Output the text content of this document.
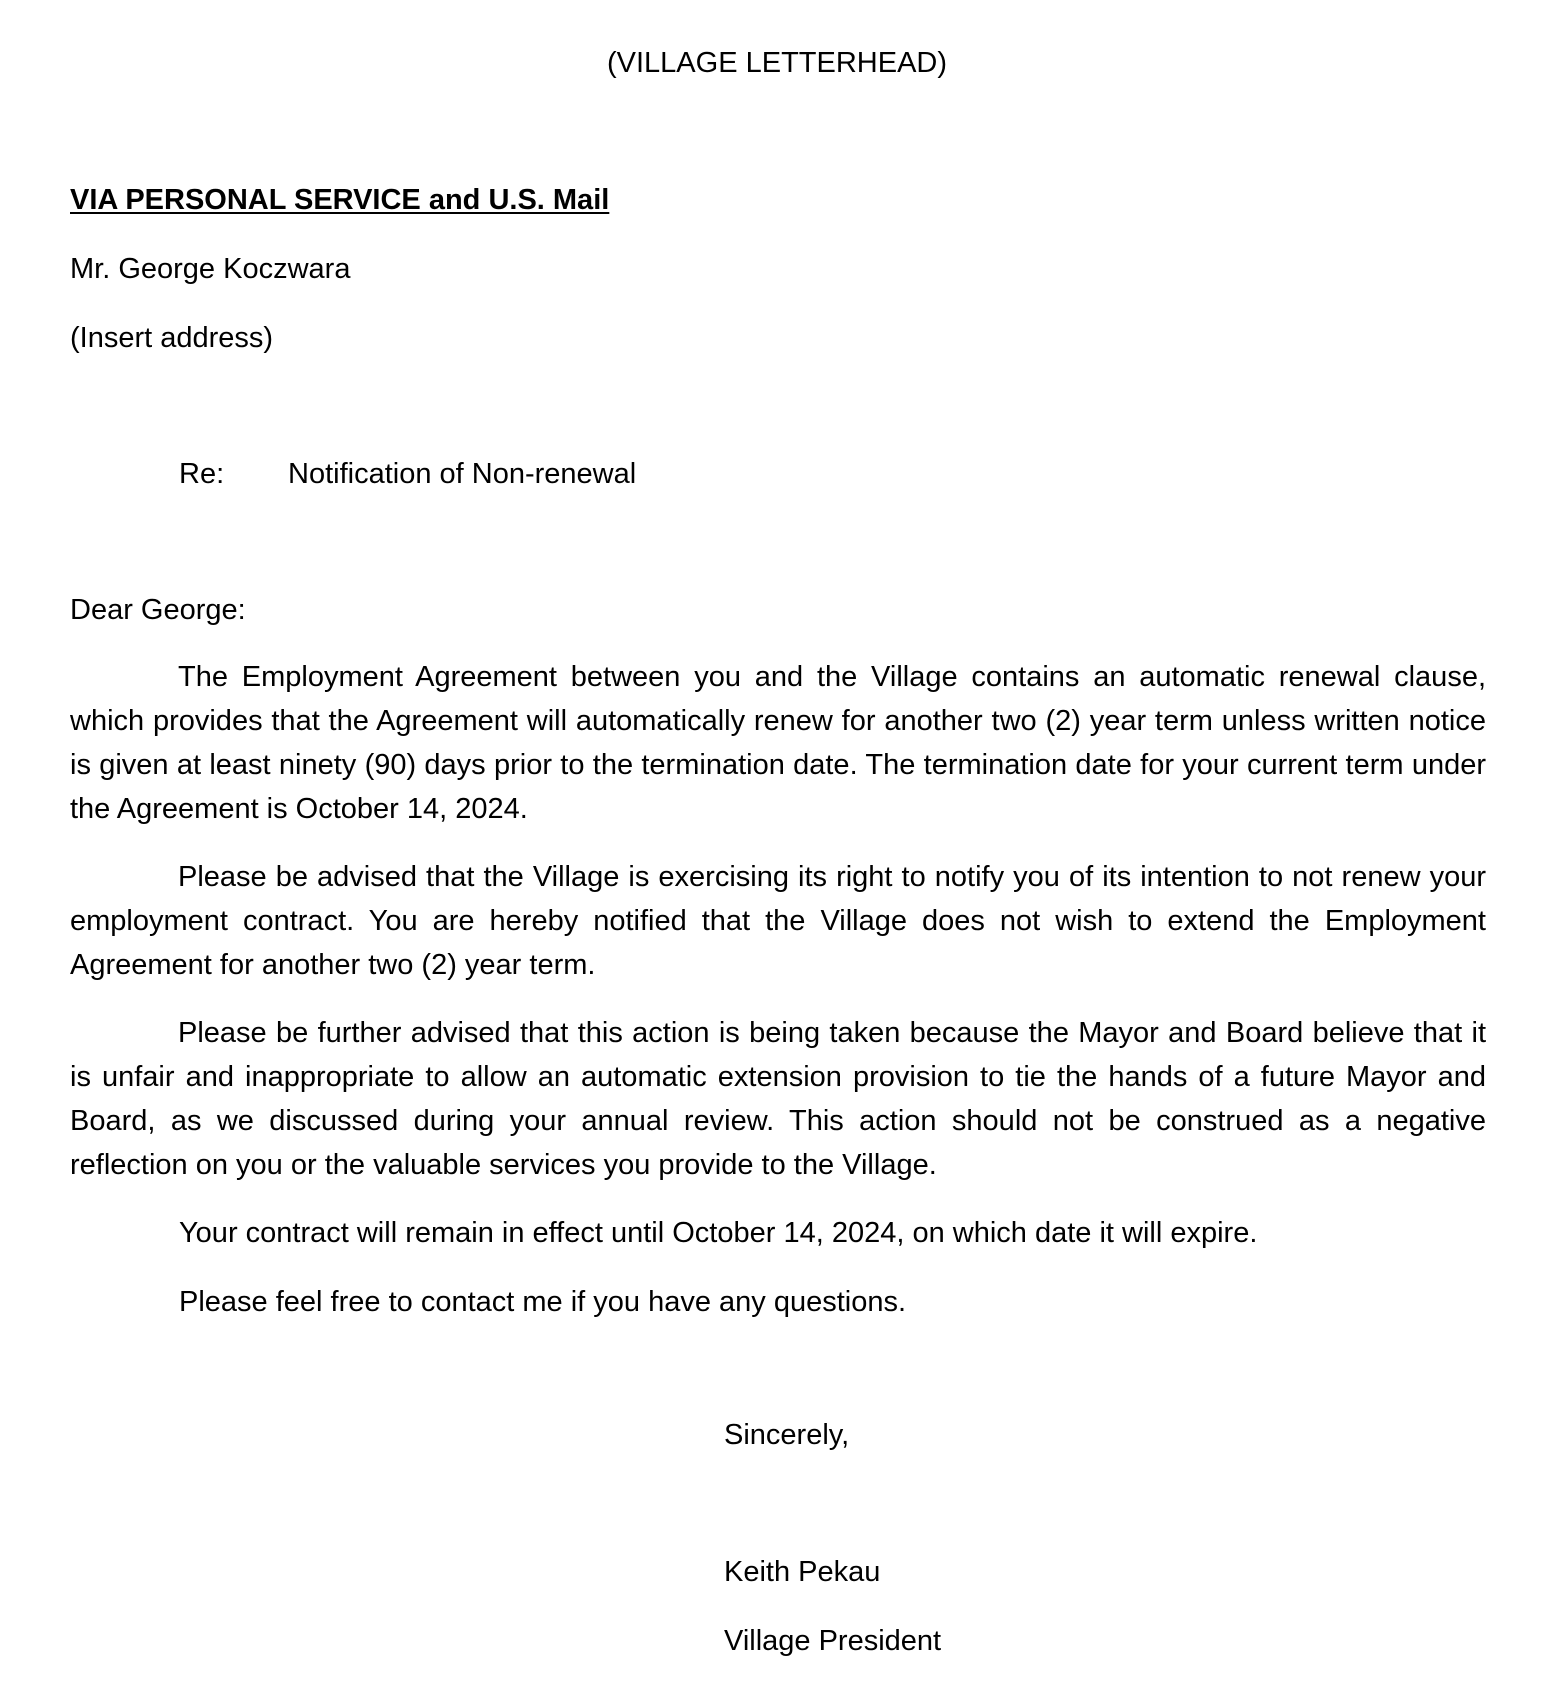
(VILLAGE LETTERHEAD)
VIA PERSONAL SERVICE and U.S. Mail
Mr. George Koczwara
(Insert address)
Re: Notification of Non-renewal
Dear George:

The Employment Agreement between you and the Village contains an automatic renewal clause, which provides that the Agreement will automatically renew for another two (2) year term unless written notice is given at least ninety (90) days prior to the termination date. The termination date for your current term under the Agreement is October 14, 2024.

Please be advised that the Village is exercising its right to notify you of its intention to not renew your employment contract. You are hereby notified that the Village does not wish to extend the Employment Agreement for another two (2) year term.

Please be further advised that this action is being taken because the Mayor and Board believe that it is unfair and inappropriate to allow an automatic extension provision to tie the hands of a future Mayor and Board, as we discussed during your annual review. This action should not be construed as a negative reflection on you or the valuable services you provide to the Village.

Your contract will remain in effect until October 14, 2024, on which date it will expire.

Please feel free to contact me if you have any questions.

Sincerely,
Keith Pekau
Village President
